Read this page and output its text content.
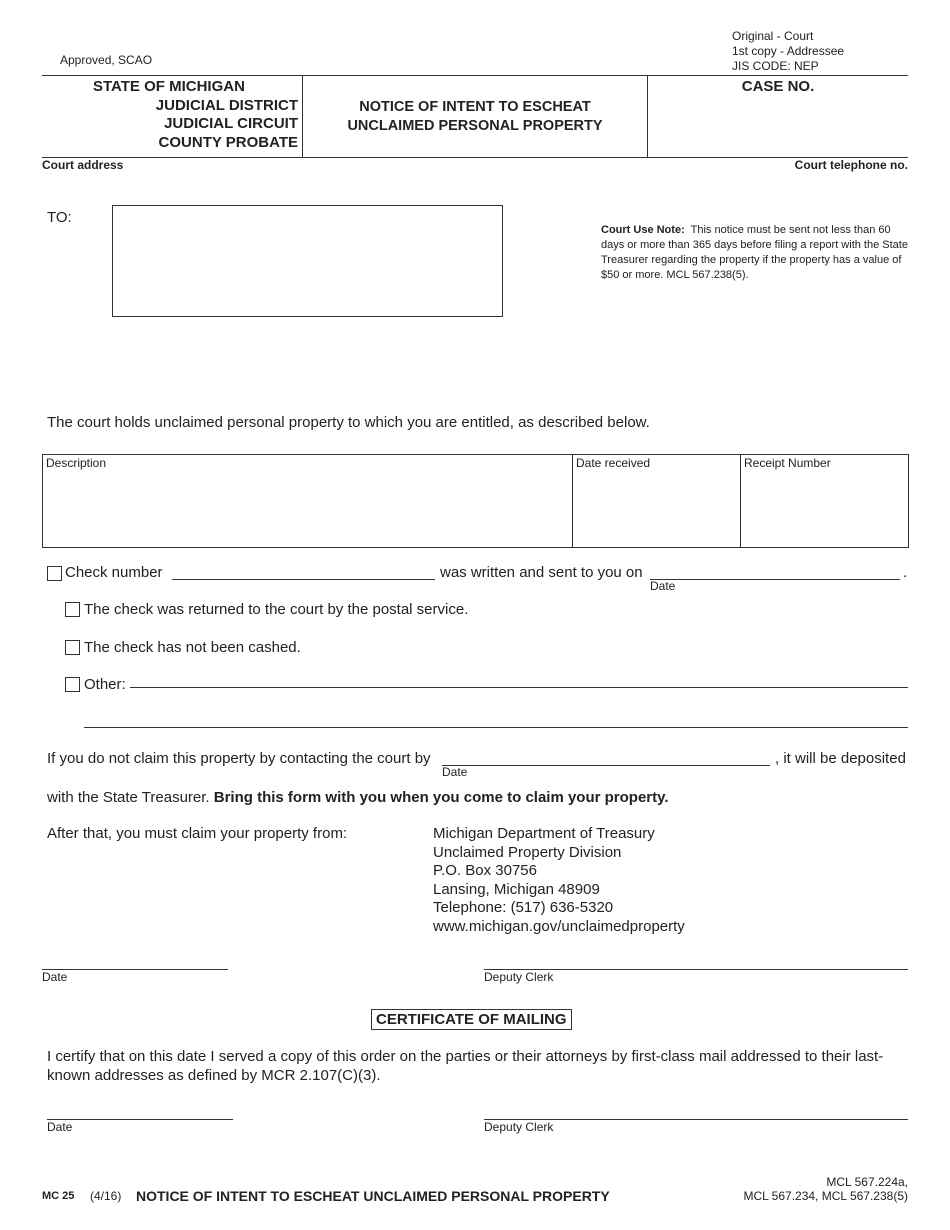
Approved, SCAO
Original - Court
1st copy - Addressee
JIS CODE: NEP
STATE OF MICHIGAN
JUDICIAL DISTRICT
JUDICIAL CIRCUIT
COUNTY PROBATE
NOTICE OF INTENT TO ESCHEAT
UNCLAIMED PERSONAL PROPERTY
CASE NO.
Court address	Court telephone no.
TO:
Court Use Note: This notice must be sent not less than 60 days or more than 365 days before filing a report with the State Treasurer regarding the property if the property has a value of $50 or more. MCL 567.238(5).
The court holds unclaimed personal property to which you are entitled, as described below.
Description	Date received	Receipt Number
Check number	was written and sent to you on
Date
.
The check was returned to the court by the postal service.
The check has not been cashed.
Other:
If you do not claim this property by contacting the court by
Date
, it will be deposited
with the State Treasurer. Bring this form with you when you come to claim your property.
After that, you must claim your property from:	Michigan Department of Treasury
Unclaimed Property Division
P.O. Box 30756
Lansing, Michigan 48909
Telephone: (517) 636-5320
www.michigan.gov/unclaimedproperty
Date	Deputy Clerk
CERTIFICATE OF MAILING
I certify that on this date I served a copy of this order on the parties or their attorneys by first-class mail addressed to their last-known addresses as defined by MCR 2.107(C)(3).
Date	Deputy Clerk
MC 25 (4/16) NOTICE OF INTENT TO ESCHEAT UNCLAIMED PERSONAL PROPERTY
MCL 567.224a,
MCL 567.234, MCL 567.238(5)
